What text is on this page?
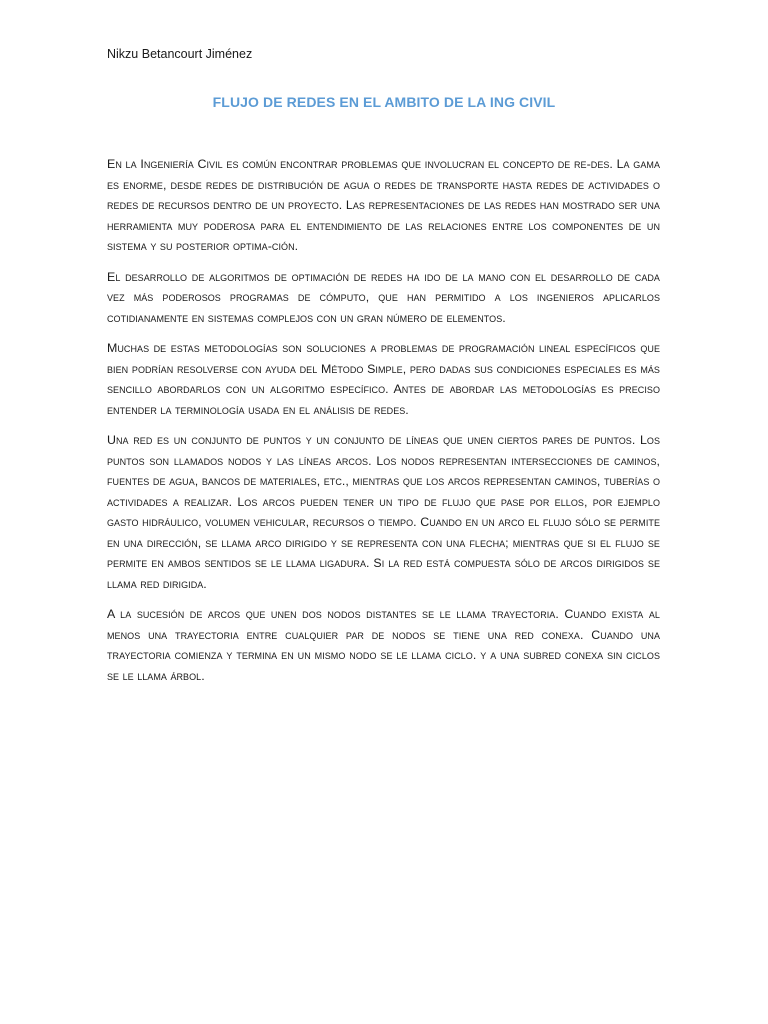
Nikzu Betancourt Jiménez
FLUJO DE REDES EN EL AMBITO DE LA ING CIVIL

En la Ingeniería Civil es común encontrar problemas que involucran el concepto de re-des. La gama es enorme, desde redes de distribución de agua o redes de transporte hasta redes de actividades o redes de recursos dentro de un proyecto. Las representaciones de las redes han mostrado ser una herramienta muy poderosa para el entendimiento de las relaciones entre los componentes de un sistema y su posterior optima-ción.

El desarrollo de algoritmos de optimación de redes ha ido de la mano con el desarrollo de cada vez más poderosos programas de cómputo, que han permitido a los ingenieros aplicarlos cotidianamente en sistemas complejos con un gran número de elementos.

Muchas de estas metodologías son soluciones a problemas de programación lineal específicos que bien podrían resolverse con ayuda del Método Simple, pero dadas sus condiciones especiales es más sencillo abordarlos con un algoritmo específico. Antes de abordar las metodologías es preciso entender la terminología usada en el análisis de redes.

Una red es un conjunto de puntos y un conjunto de líneas que unen ciertos pares de puntos. Los puntos son llamados nodos y las líneas arcos. Los nodos representan intersecciones de caminos, fuentes de agua, bancos de materiales, etc., mientras que los arcos representan caminos, tuberías o actividades a realizar. Los arcos pueden tener un tipo de flujo que pase por ellos, por ejemplo gasto hidráulico, volumen vehicular, recursos o tiempo. Cuando en un arco el flujo sólo se permite en una dirección, se llama arco dirigido y se representa con una flecha; mientras que si el flujo se permite en ambos sentidos se le llama ligadura. Si la red está compuesta sólo de arcos dirigidos se llama red dirigida.

A la sucesión de arcos que unen dos nodos distantes se le llama trayectoria. Cuando exista al menos una trayectoria entre cualquier par de nodos se tiene una red conexa. Cuando una trayectoria comienza y termina en un mismo nodo se le llama ciclo. y a una subred conexa sin ciclos se le llama árbol.
